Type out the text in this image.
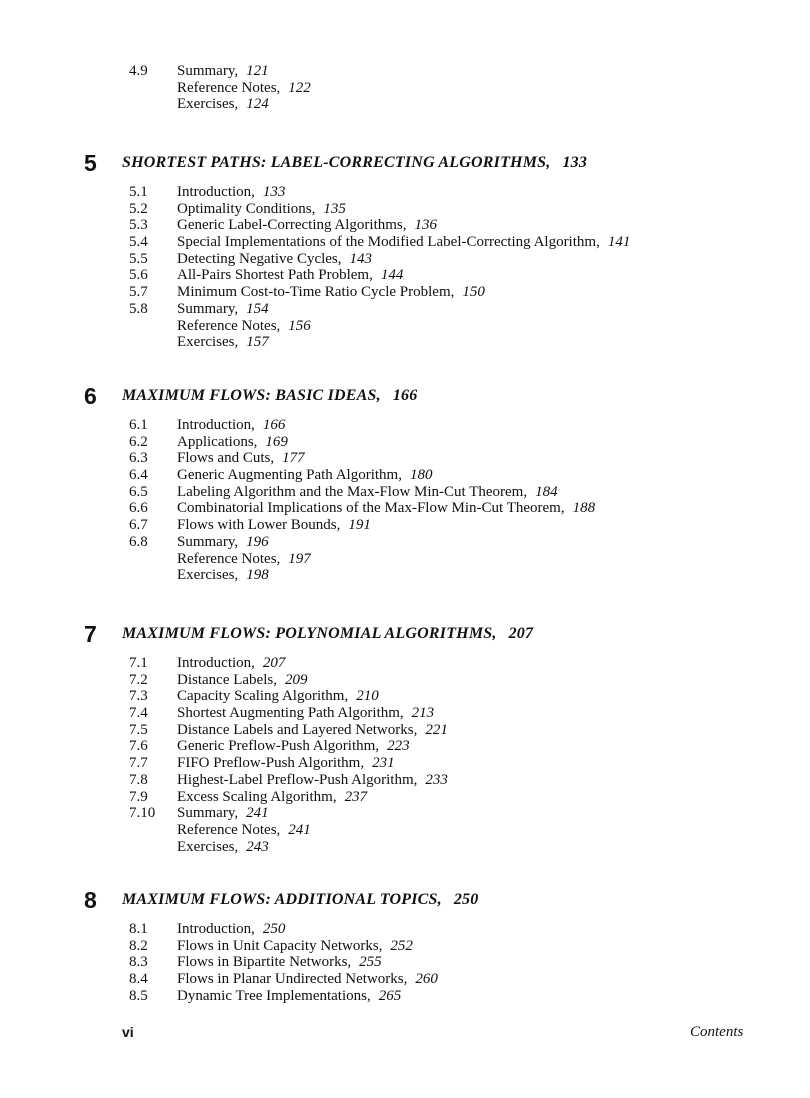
4.9 Summary, 121
Reference Notes, 122
Exercises, 124
5 SHORTEST PATHS: LABEL-CORRECTING ALGORITHMS, 133
5.1 Introduction, 133
5.2 Optimality Conditions, 135
5.3 Generic Label-Correcting Algorithms, 136
5.4 Special Implementations of the Modified Label-Correcting Algorithm, 141
5.5 Detecting Negative Cycles, 143
5.6 All-Pairs Shortest Path Problem, 144
5.7 Minimum Cost-to-Time Ratio Cycle Problem, 150
5.8 Summary, 154
Reference Notes, 156
Exercises, 157
6 MAXIMUM FLOWS: BASIC IDEAS, 166
6.1 Introduction, 166
6.2 Applications, 169
6.3 Flows and Cuts, 177
6.4 Generic Augmenting Path Algorithm, 180
6.5 Labeling Algorithm and the Max-Flow Min-Cut Theorem, 184
6.6 Combinatorial Implications of the Max-Flow Min-Cut Theorem, 188
6.7 Flows with Lower Bounds, 191
6.8 Summary, 196
Reference Notes, 197
Exercises, 198
7 MAXIMUM FLOWS: POLYNOMIAL ALGORITHMS, 207
7.1 Introduction, 207
7.2 Distance Labels, 209
7.3 Capacity Scaling Algorithm, 210
7.4 Shortest Augmenting Path Algorithm, 213
7.5 Distance Labels and Layered Networks, 221
7.6 Generic Preflow-Push Algorithm, 223
7.7 FIFO Preflow-Push Algorithm, 231
7.8 Highest-Label Preflow-Push Algorithm, 233
7.9 Excess Scaling Algorithm, 237
7.10 Summary, 241
Reference Notes, 241
Exercises, 243
8 MAXIMUM FLOWS: ADDITIONAL TOPICS, 250
8.1 Introduction, 250
8.2 Flows in Unit Capacity Networks, 252
8.3 Flows in Bipartite Networks, 255
8.4 Flows in Planar Undirected Networks, 260
8.5 Dynamic Tree Implementations, 265
vi	Contents
